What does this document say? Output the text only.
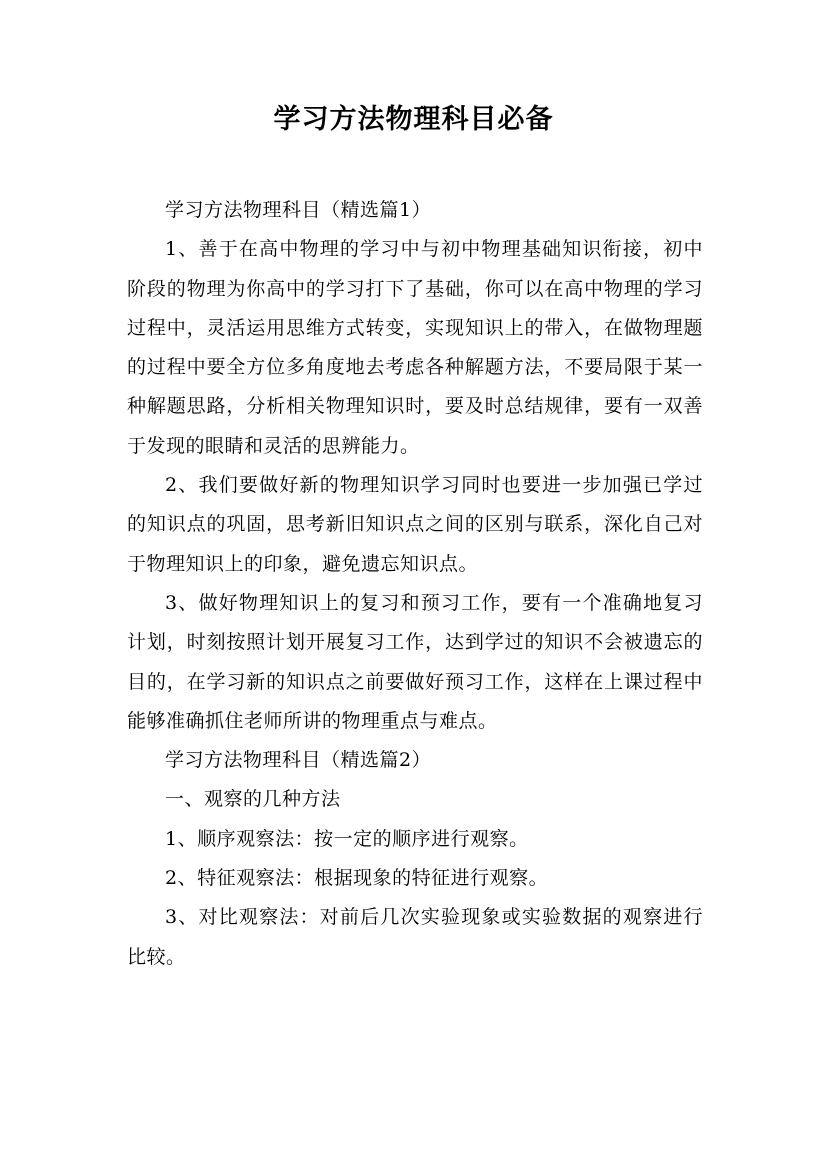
学习方法物理科目必备

学习方法物理科目（精选篇1）

1、善于在高中物理的学习中与初中物理基础知识衔接，初中阶段的物理为你高中的学习打下了基础，你可以在高中物理的学习过程中，灵活运用思维方式转变，实现知识上的带入，在做物理题的过程中要全方位多角度地去考虑各种解题方法，不要局限于某一种解题思路，分析相关物理知识时，要及时总结规律，要有一双善于发现的眼睛和灵活的思辨能力。

2、我们要做好新的物理知识学习同时也要进一步加强已学过的知识点的巩固，思考新旧知识点之间的区别与联系，深化自己对于物理知识上的印象，避免遗忘知识点。

3、做好物理知识上的复习和预习工作，要有一个准确地复习计划，时刻按照计划开展复习工作，达到学过的知识不会被遗忘的目的，在学习新的知识点之前要做好预习工作，这样在上课过程中能够准确抓住老师所讲的物理重点与难点。

学习方法物理科目（精选篇2）

一、观察的几种方法

1、顺序观察法：按一定的顺序进行观察。

2、特征观察法：根据现象的特征进行观察。

3、对比观察法：对前后几次实验现象或实验数据的观察进行比较。
